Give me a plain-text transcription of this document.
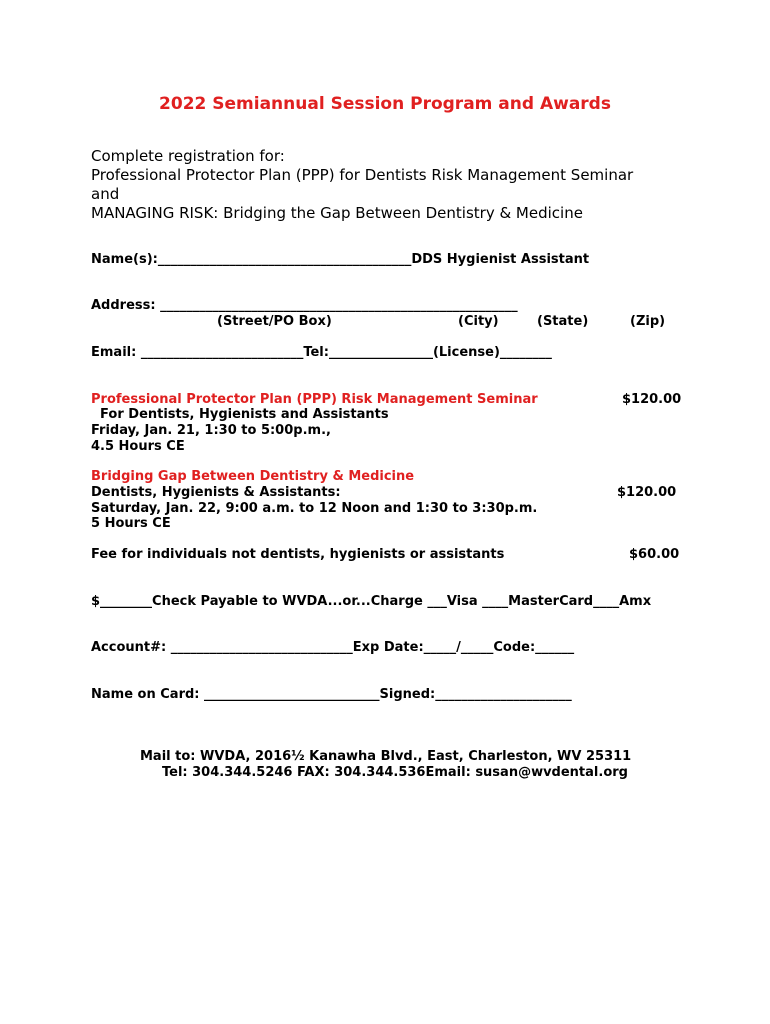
2022 Semiannual Session Program and Awards
Complete registration for:
Professional Protector Plan (PPP) for Dentists Risk Management Seminar
and
MANAGING RISK: Bridging the Gap Between Dentistry & Medicine
Name(s):_______________________________________DDS Hygienist Assistant
Address: _______________________________________________________
(Street/PO Box)	(City)	(State)	(Zip)
Email: _________________________Tel:________________(License)________
Professional Protector Plan (PPP) Risk Management Seminar	$120.00
For Dentists, Hygienists and Assistants
Friday, Jan. 21, 1:30 to 5:00p.m.,
4.5 Hours CE
Bridging Gap Between Dentistry & Medicine
Dentists, Hygienists & Assistants:	$120.00
Saturday, Jan. 22, 9:00 a.m. to 12 Noon and 1:30 to 3:30p.m.
5 Hours CE
Fee for individuals not dentists, hygienists or assistants	$60.00
$________Check Payable to WVDA...or...Charge ___Visa ____MasterCard____Amx
Account#: ____________________________Exp Date:_____/_____Code:______
Name on Card: ___________________________Signed:_____________________
Mail to: WVDA, 2016½ Kanawha Blvd., East, Charleston, WV 25311
Tel: 304.344.5246 FAX: 304.344.536Email: susan@wvdental.org
